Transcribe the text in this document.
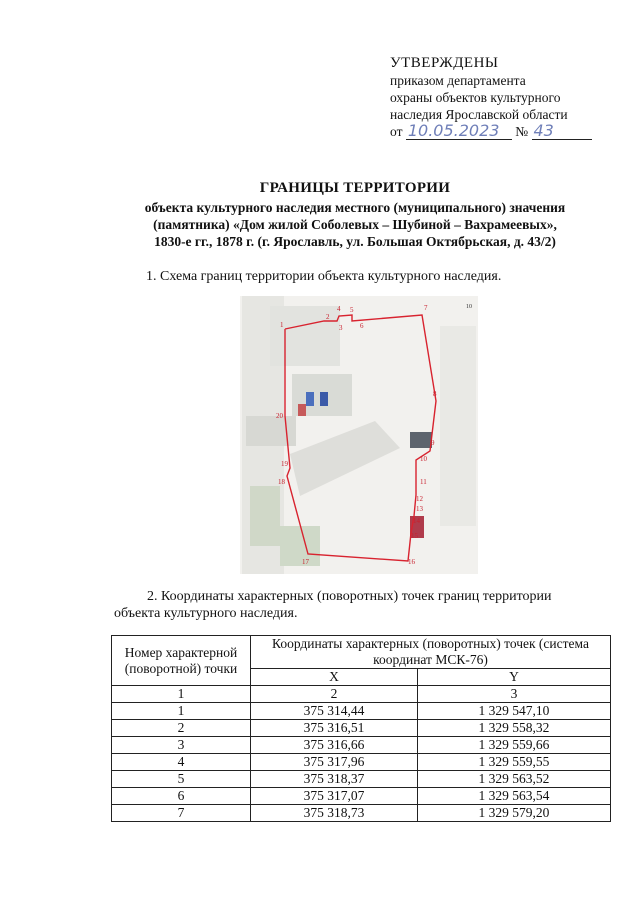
УТВЕРЖДЕНЫ
приказом департамента
охраны объектов культурного
наследия Ярославской области
от 10.05.2023 № 43
ГРАНИЦЫ ТЕРРИТОРИИ
объекта культурного наследия местного (муниципального) значения
(памятника) «Дом жилой Соболевых – Шубиной – Вахрамеевых»,
1830-е гг., 1878 г. (г. Ярославль, ул. Большая Октябрьская, д. 43/2)
1. Схема границ территории объекта культурного наследия.
1
2
3
4 5
6
7
8
9
10
11
12
13
14
15
16
17
18
19
20
10
2. Координаты характерных (поворотных) точек границ территории
объекта культурного наследия.
Номер характерной (поворотной) точки	Координаты характерных (поворотных) точек (система координат МСК-76)	
	X	Y
1	2	3
1	375 314,44	1 329 547,10
2	375 316,51	1 329 558,32
3	375 316,66	1 329 559,66
4	375 317,96	1 329 559,55
5	375 318,37	1 329 563,52
6	375 317,07	1 329 563,54
7	375 318,73	1 329 579,20
